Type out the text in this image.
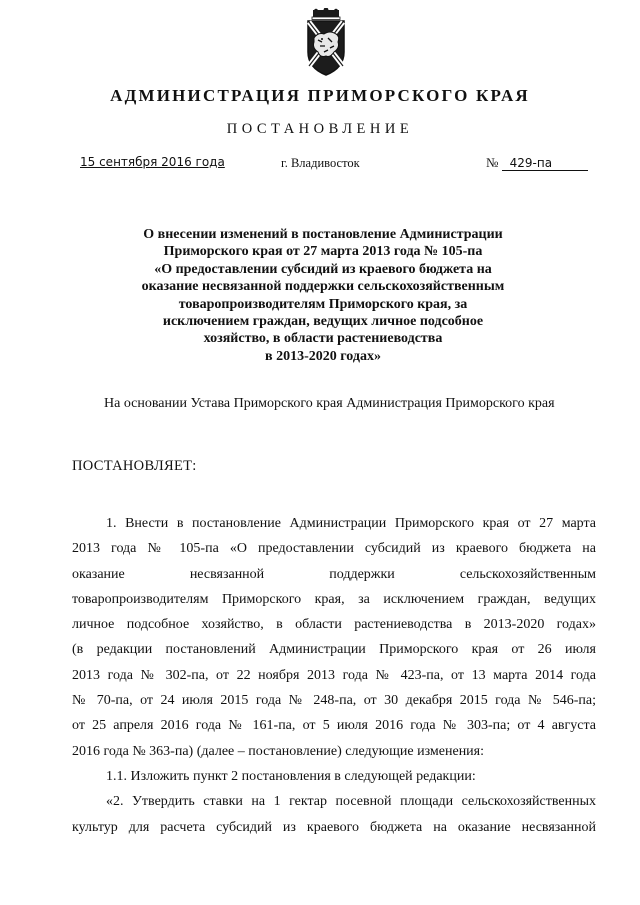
АДМИНИСТРАЦИЯ ПРИМОРСКОГО КРАЯ
ПОСТАНОВЛЕНИЕ
15 сентября 2016 года	г. Владивосток	№ 429-па
О внесении изменений в постановление Администрации
Приморского края от 27 марта 2013 года № 105-па
«О предоставлении субсидий из краевого бюджета на
оказание несвязанной поддержки сельскохозяйственным
товаропроизводителям Приморского края, за
исключением граждан, ведущих личное подсобное
хозяйство, в области растениеводства
в 2013-2020 годах»
На основании Устава Приморского края Администрация Приморского края
ПОСТАНОВЛЯЕТ:
1. Внести в постановление Администрации Приморского края от 27 марта
2013 года № 105-па «О предоставлении субсидий из краевого бюджета на
оказание несвязанной поддержки сельскохозяйственным
товаропроизводителям Приморского края, за исключением граждан, ведущих
личное подсобное хозяйство, в области растениеводства в 2013-2020 годах»
(в редакции постановлений Администрации Приморского края от 26 июля
2013 года № 302-па, от 22 ноября 2013 года № 423-па, от 13 марта 2014 года
№ 70-па, от 24 июля 2015 года № 248-па, от 30 декабря 2015 года № 546-па;
от 25 апреля 2016 года № 161-па, от 5 июля 2016 года № 303-па; от 4 августа
2016 года № 363-па) (далее – постановление) следующие изменения:
1.1. Изложить пункт 2 постановления в следующей редакции:
«2. Утвердить ставки на 1 гектар посевной площади сельскохозяйственных
культур для расчета субсидий из краевого бюджета на оказание несвязанной
